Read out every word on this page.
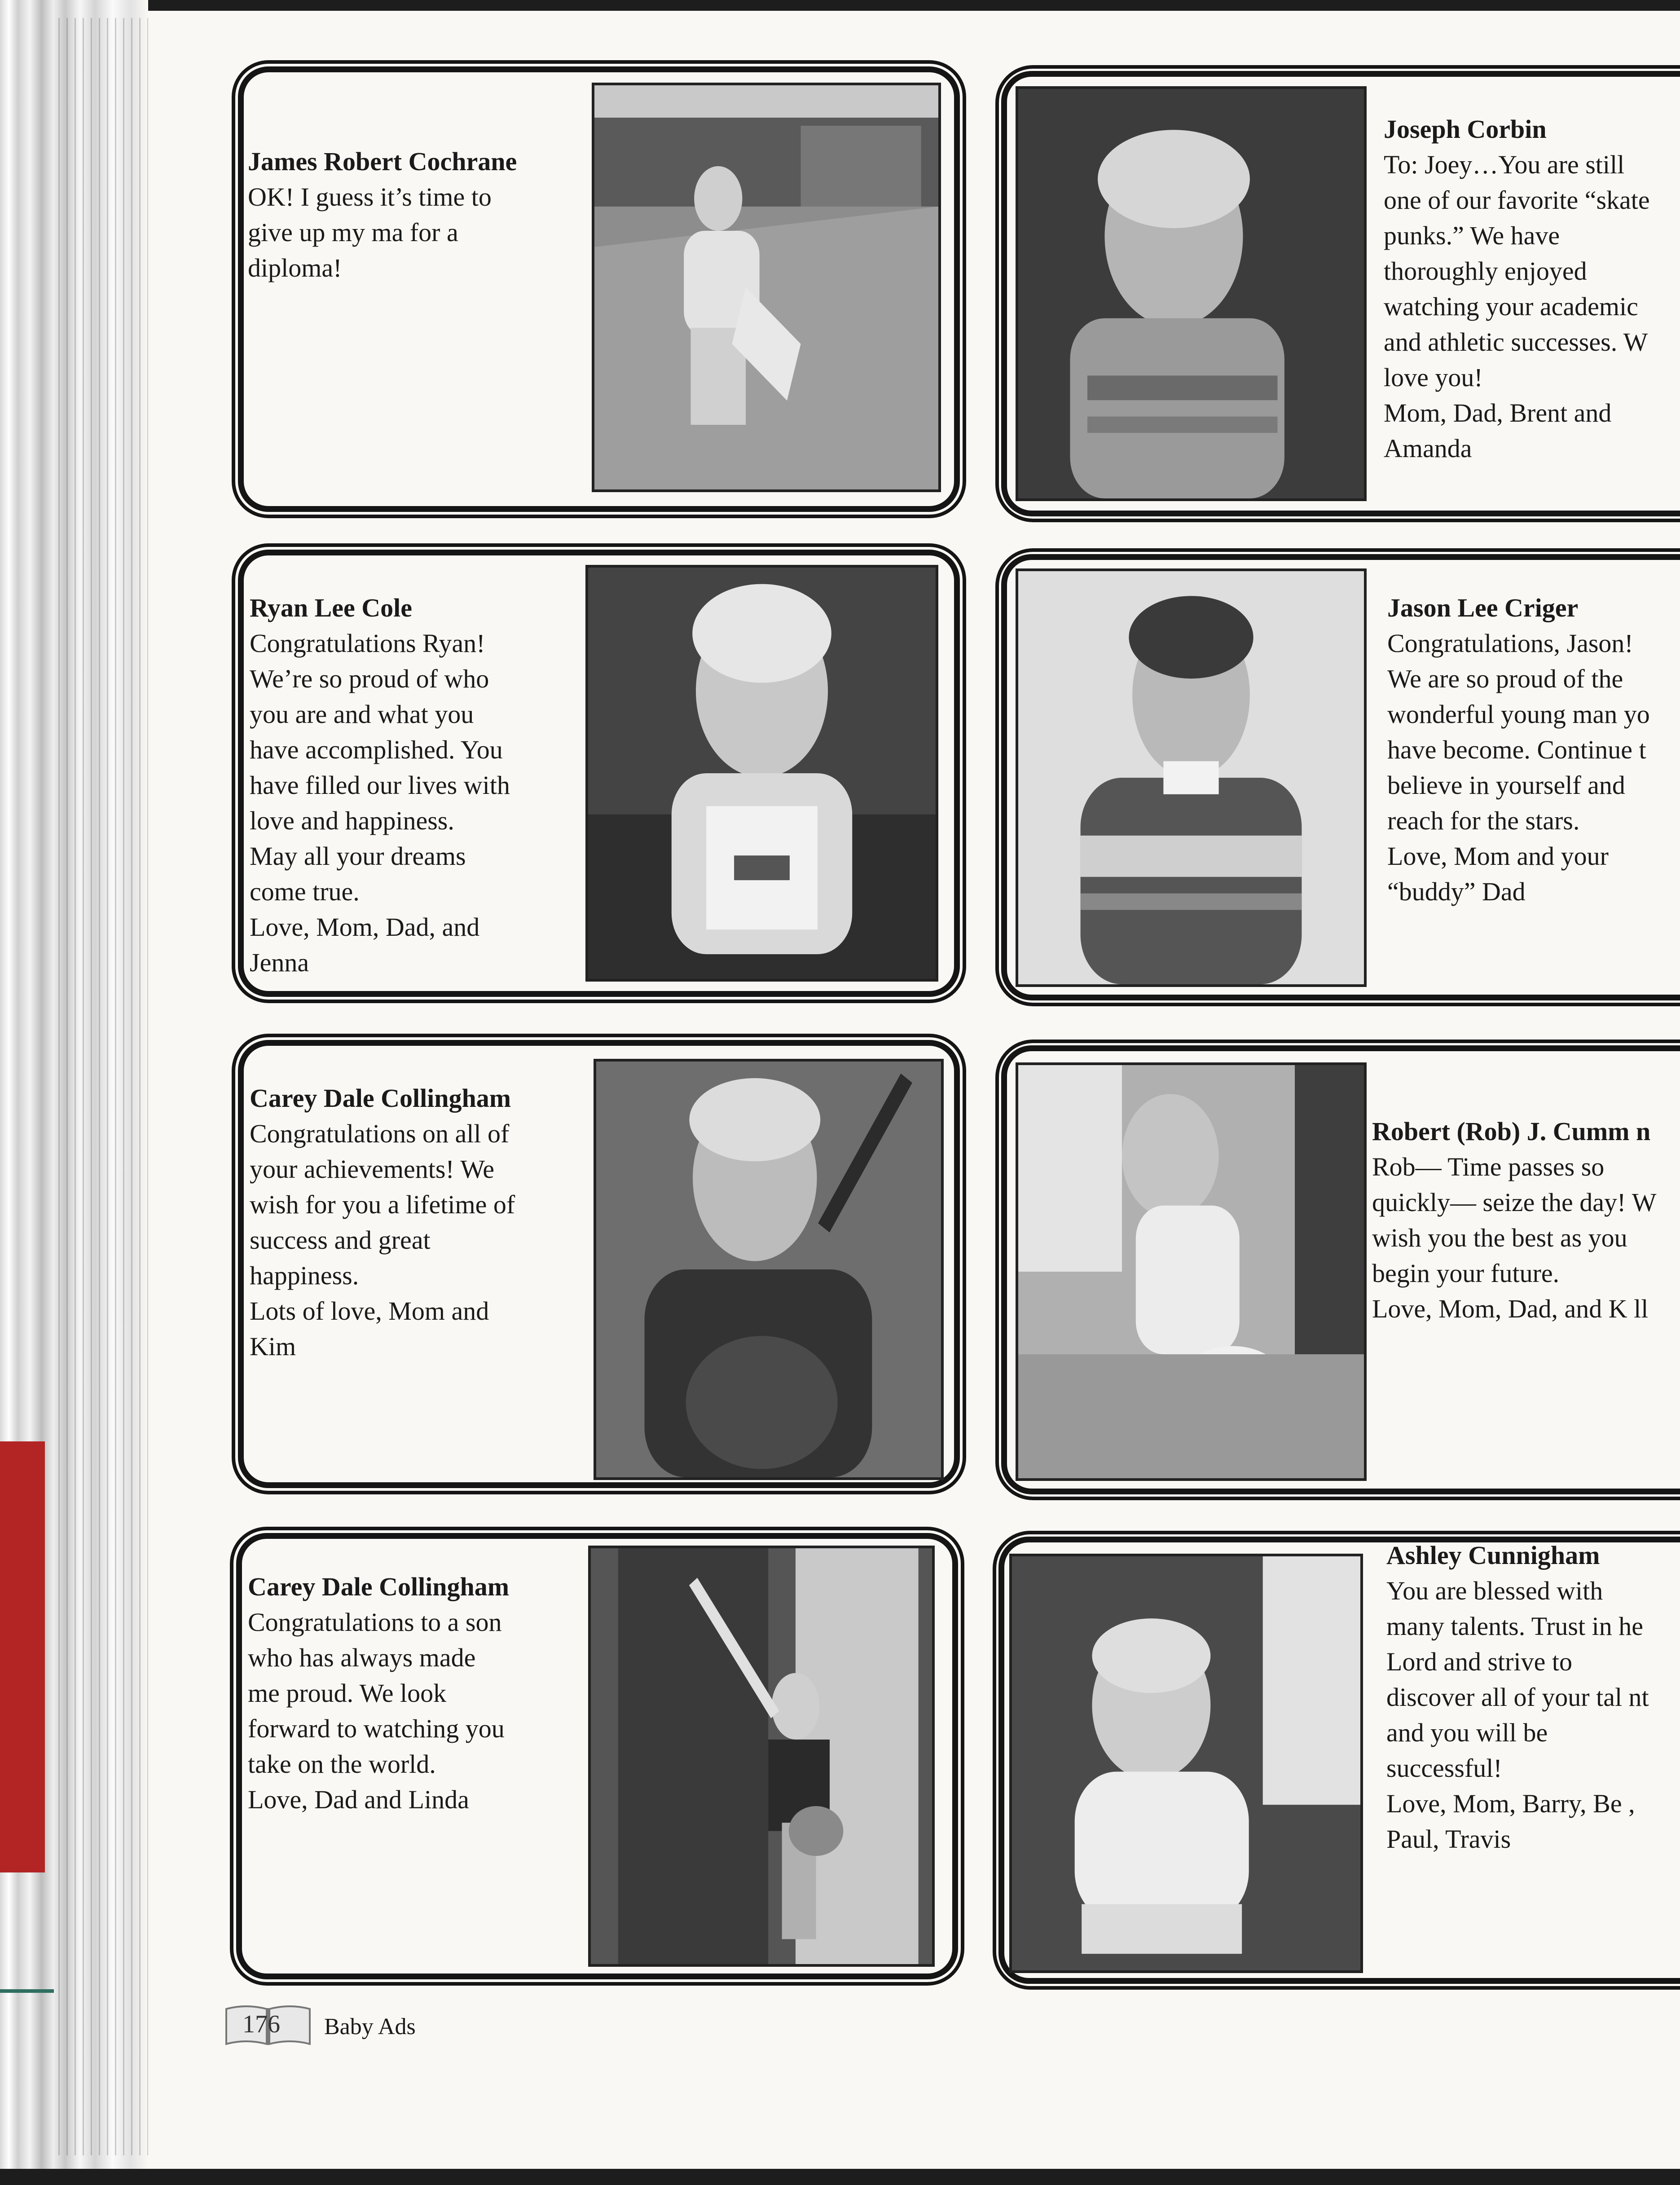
James Robert Cochrane
OK! I guess it’s time to
give up my ma for a
diploma!
Joseph Corbin
To: Joey…You are still
one of our favorite “skate
punks.” We have
thoroughly enjoyed
watching your academic
and athletic successes. W
love you!
Mom, Dad, Brent and
Amanda
Ryan Lee Cole
Congratulations Ryan!
We’re so proud of who
you are and what you
have accomplished. You
have filled our lives with
love and happiness.
May all your dreams
come true.
Love, Mom, Dad, and
Jenna
Jason Lee Criger
Congratulations, Jason!
We are so proud of the
wonderful young man yo
have become. Continue t
believe in yourself and
reach for the stars.
Love, Mom and your
“buddy” Dad
Carey Dale Collingham
Congratulations on all of
your achievements! We
wish for you a lifetime of
success and great
happiness.
Lots of love, Mom and
Kim
Robert (Rob) J. Cumm n
Rob— Time passes so
quickly— seize the day! W
wish you the best as you
begin your future.
Love, Mom, Dad, and K ll
Carey Dale Collingham
Congratulations to a son
who has always made
me proud. We look
forward to watching you
take on the world.
Love, Dad and Linda
Ashley Cunnigham
You are blessed with
many talents. Trust in he
Lord and strive to
discover all of your tal nt
and you will be
successful!
Love, Mom, Barry, Be ,
Paul, Travis
176 Baby Ads
